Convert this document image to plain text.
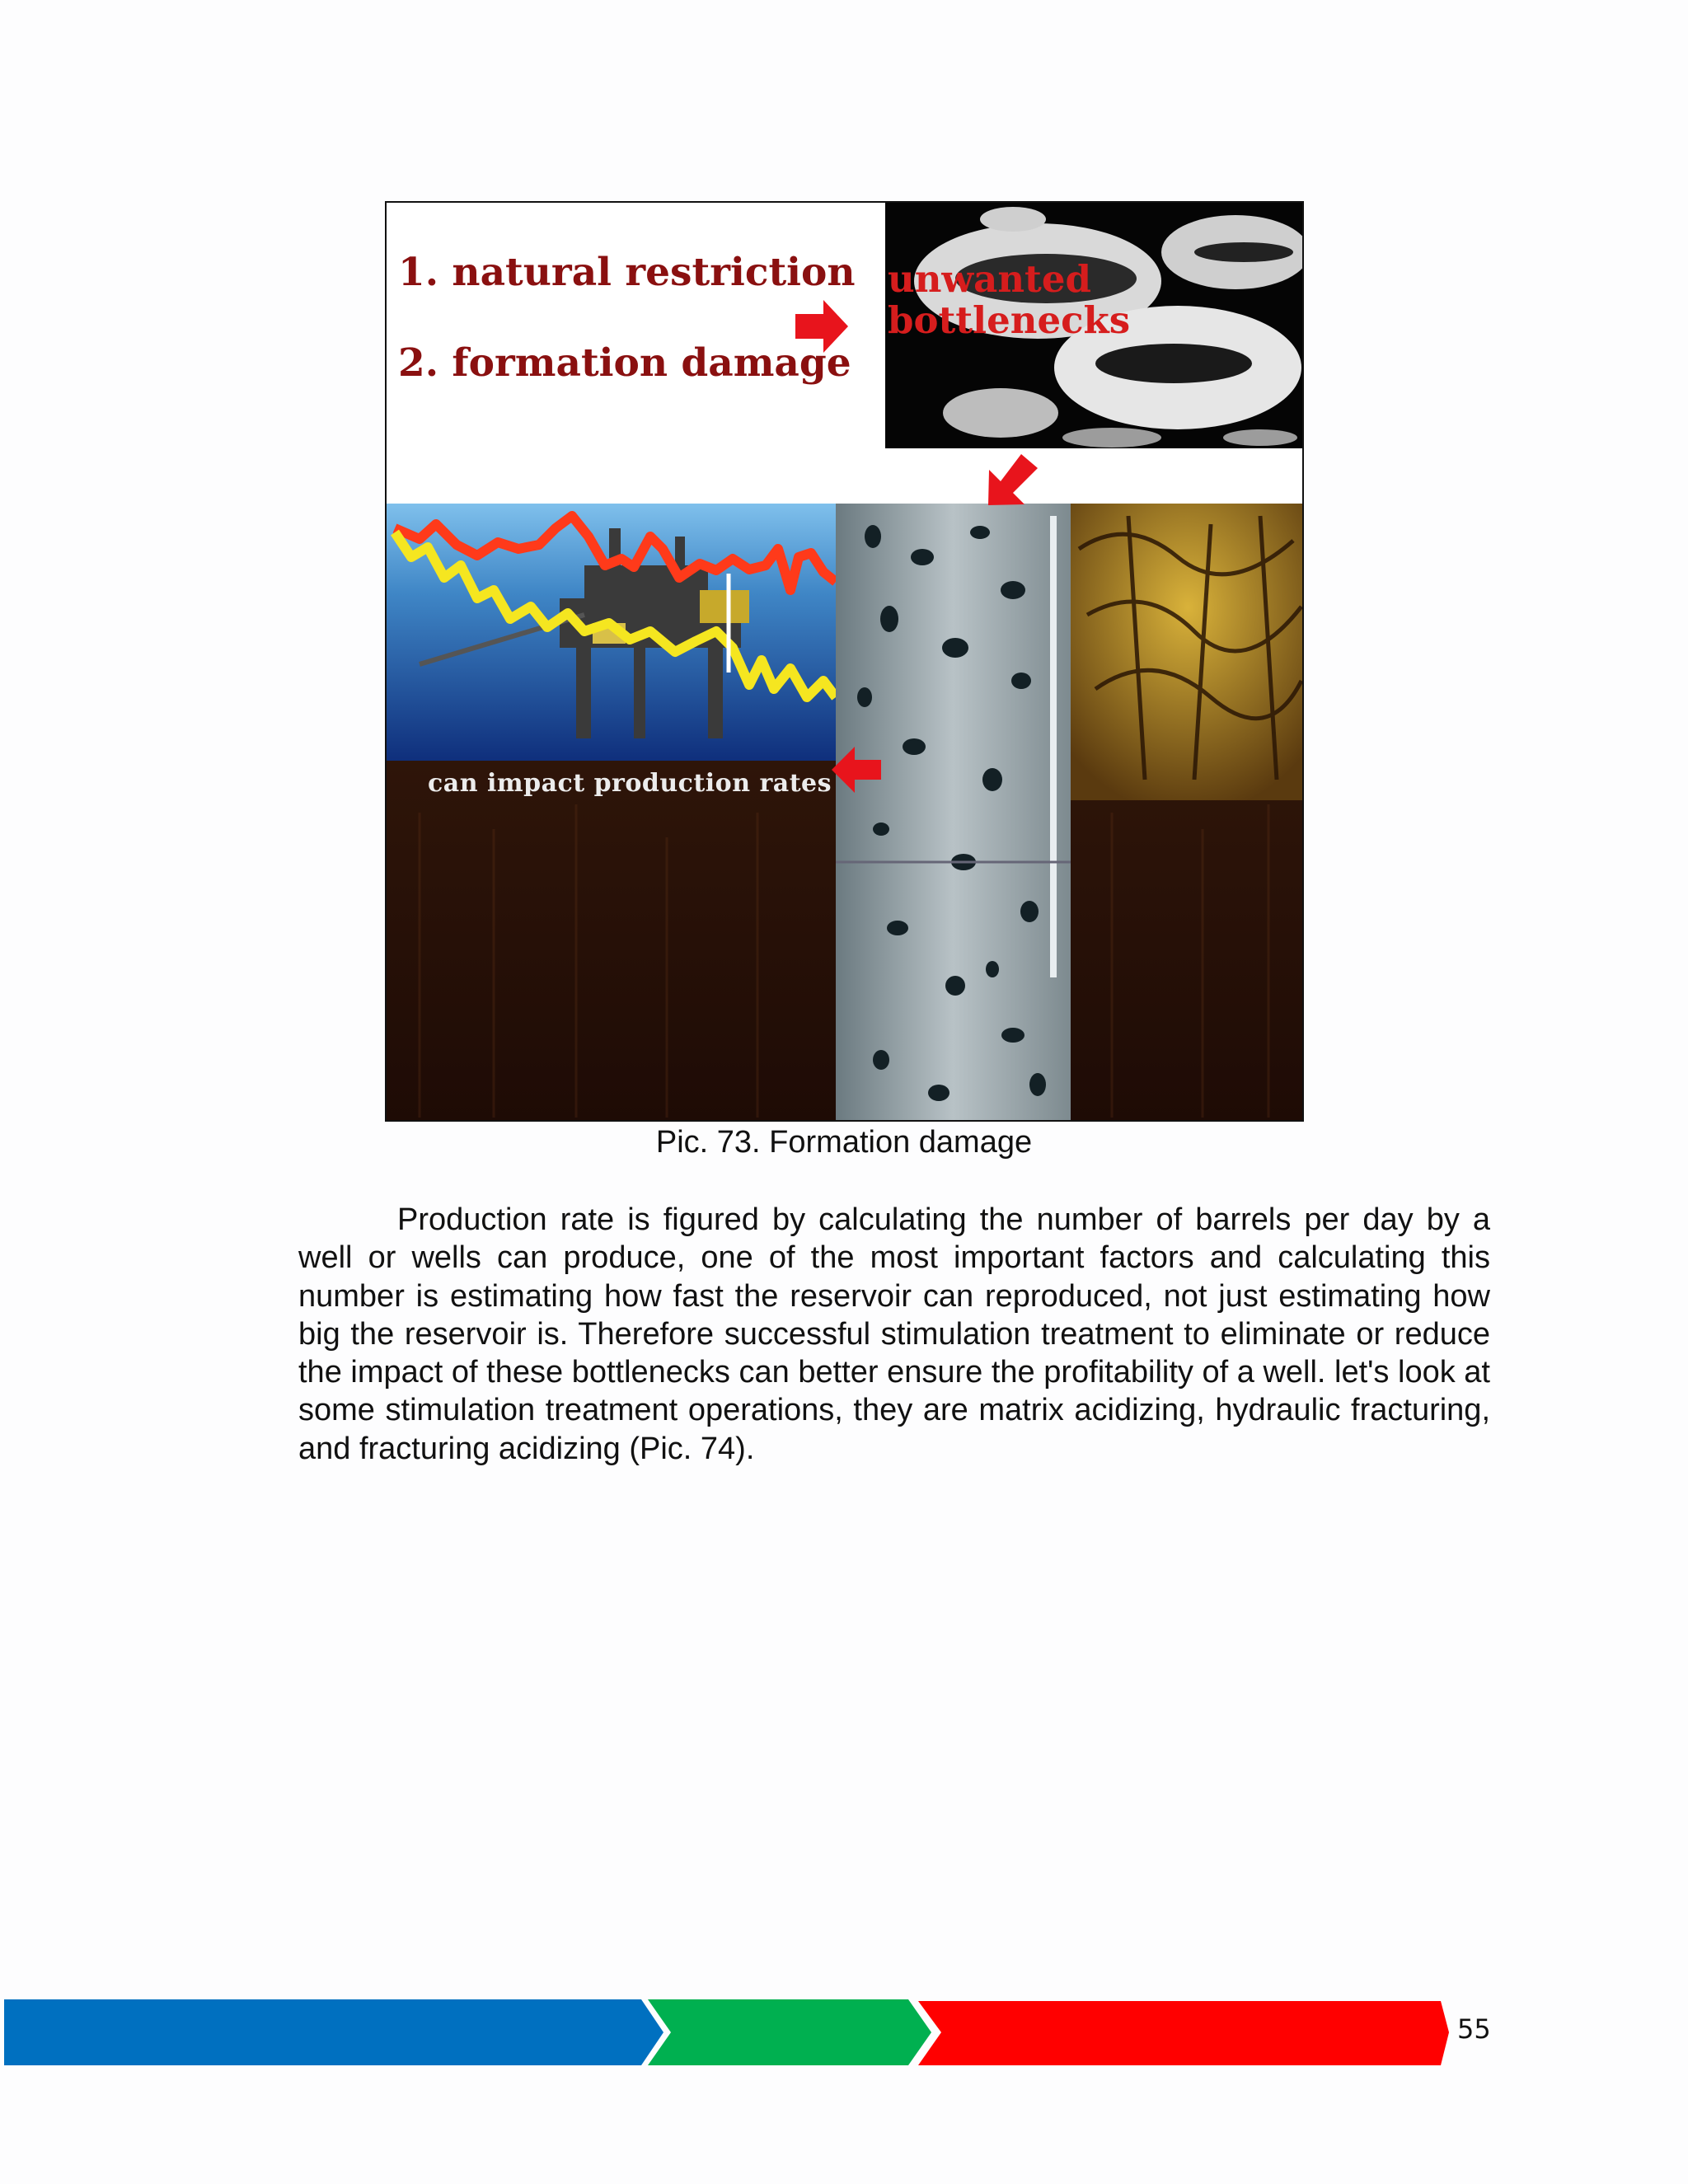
1. natural restriction
2. formation damage
unwanted
bottlenecks
can impact production rates
Pic. 73. Formation damage

Production rate is figured by calculating the number of barrels per day by a well or wells can produce, one of the most important factors and calculating this number is estimating how fast the reservoir can reproduced, not just estimating how big the reservoir is. Therefore successful stimulation treatment to eliminate or reduce the impact of these bottlenecks can better ensure the profitability of a well. let's look at some stimulation treatment operations, they are matrix acidizing, hydraulic fracturing, and fracturing acidizing (Pic. 74).

55
